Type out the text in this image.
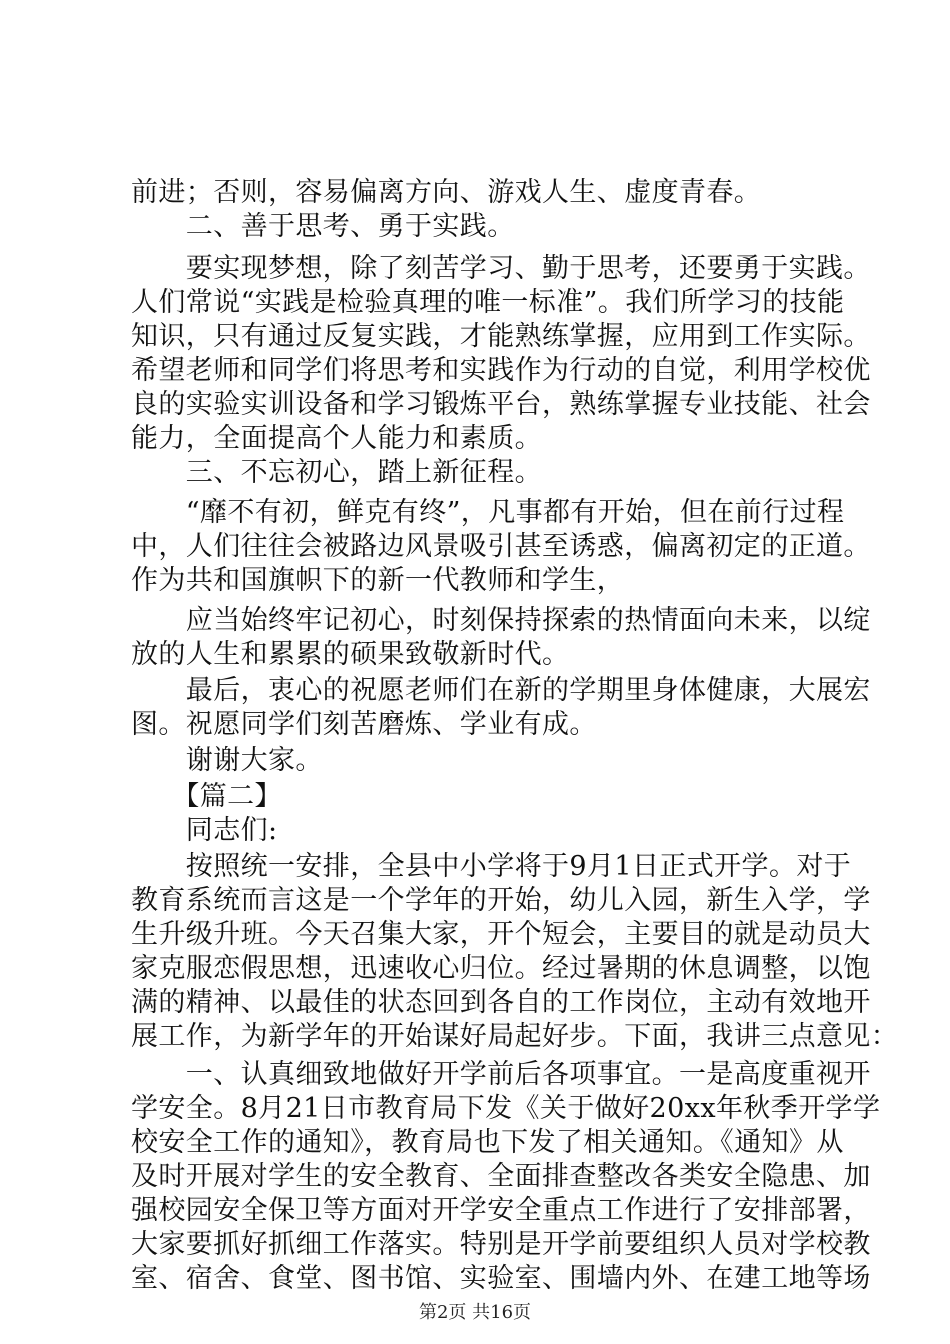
前进；否则，容易偏离方向、游戏人生、虚度青春。
　　二、善于思考、勇于实践。
　　要实现梦想，除了刻苦学习、勤于思考，还要勇于实践。
人们常说“实践是检验真理的唯一标准”。我们所学习的技能
知识，只有通过反复实践，才能熟练掌握，应用到工作实际。
希望老师和同学们将思考和实践作为行动的自觉，利用学校优
良的实验实训设备和学习锻炼平台，熟练掌握专业技能、社会
能力，全面提高个人能力和素质。
　　三、不忘初心，踏上新征程。
　　“靡不有初，鲜克有终”，凡事都有开始，但在前行过程
中，人们往往会被路边风景吸引甚至诱惑，偏离初定的正道。
作为共和国旗帜下的新一代教师和学生，
　　应当始终牢记初心，时刻保持探索的热情面向未来，以绽
放的人生和累累的硕果致敬新时代。
　　最后，衷心的祝愿老师们在新的学期里身体健康，大展宏
图。祝愿同学们刻苦磨炼、学业有成。
　　谢谢大家。
　　【篇二】
　　同志们:
　　按照统一安排，全县中小学将于9月1日正式开学。对于
教育系统而言这是一个学年的开始，幼儿入园，新生入学，学
生升级升班。今天召集大家，开个短会，主要目的就是动员大
家克服恋假思想，迅速收心归位。经过暑期的休息调整，以饱
满的精神、以最佳的状态回到各自的工作岗位，主动有效地开
展工作，为新学年的开始谋好局起好步。下面，我讲三点意见：
　　一、认真细致地做好开学前后各项事宜。一是高度重视开
学安全。8月21日市教育局下发《关于做好20xx年秋季开学学
校安全工作的通知》，教育局也下发了相关通知。《通知》从
及时开展对学生的安全教育、全面排查整改各类安全隐患、加
强校园安全保卫等方面对开学安全重点工作进行了安排部署，
大家要抓好抓细工作落实。特别是开学前要组织人员对学校教
室、宿舍、食堂、图书馆、实验室、围墙内外、在建工地等场
第2页 共16页
